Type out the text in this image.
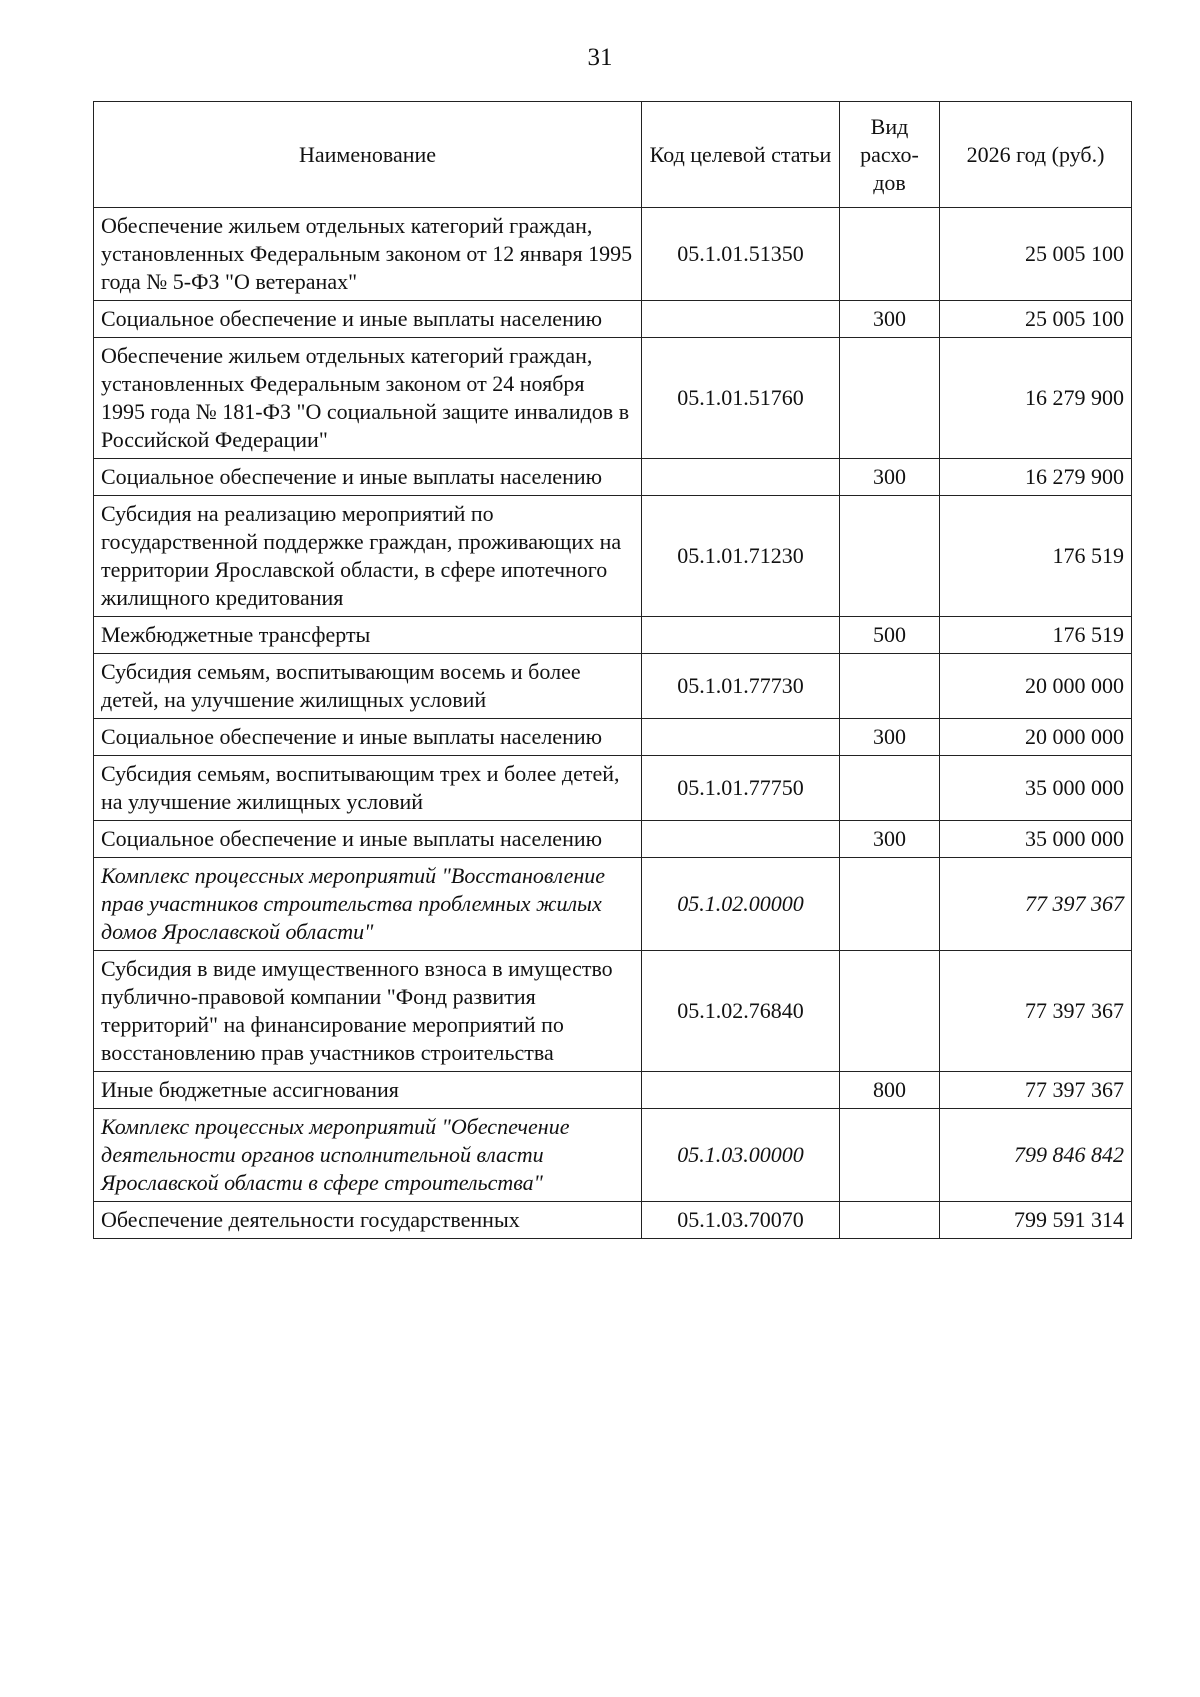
31
Наименование	Код целевой статьи	Вид расхо-дов	2026 год (руб.)
Обеспечение жильем отдельных категорий граждан, установленных Федеральным законом от 12 января 1995 года № 5-ФЗ "О ветеранах"	05.1.01.51350		25 005 100
Социальное обеспечение и иные выплаты населению		300	25 005 100
Обеспечение жильем отдельных категорий граждан, установленных Федеральным законом от 24 ноября 1995 года № 181-ФЗ "О социальной защите инвалидов в Российской Федерации"	05.1.01.51760		16 279 900
Социальное обеспечение и иные выплаты населению		300	16 279 900
Субсидия на реализацию мероприятий по государственной поддержке граждан, проживающих на территории Ярославской области, в сфере ипотечного жилищного кредитования	05.1.01.71230		176 519
Межбюджетные трансферты		500	176 519
Субсидия семьям, воспитывающим восемь и более детей, на улучшение жилищных условий	05.1.01.77730		20 000 000
Социальное обеспечение и иные выплаты населению		300	20 000 000
Субсидия семьям, воспитывающим трех и более детей, на улучшение жилищных условий	05.1.01.77750		35 000 000
Социальное обеспечение и иные выплаты населению		300	35 000 000
Комплекс процессных мероприятий "Восстановление прав участников строительства проблемных жилых домов Ярославской области"	05.1.02.00000		77 397 367
Субсидия в виде имущественного взноса в имущество публично-правовой компании "Фонд развития территорий" на финансирование мероприятий по восстановлению прав участников строительства	05.1.02.76840		77 397 367
Иные бюджетные ассигнования		800	77 397 367
Комплекс процессных мероприятий "Обеспечение деятельности органов исполнительной власти Ярославской области в сфере строительства"	05.1.03.00000		799 846 842
Обеспечение деятельности государственных	05.1.03.70070		799 591 314
